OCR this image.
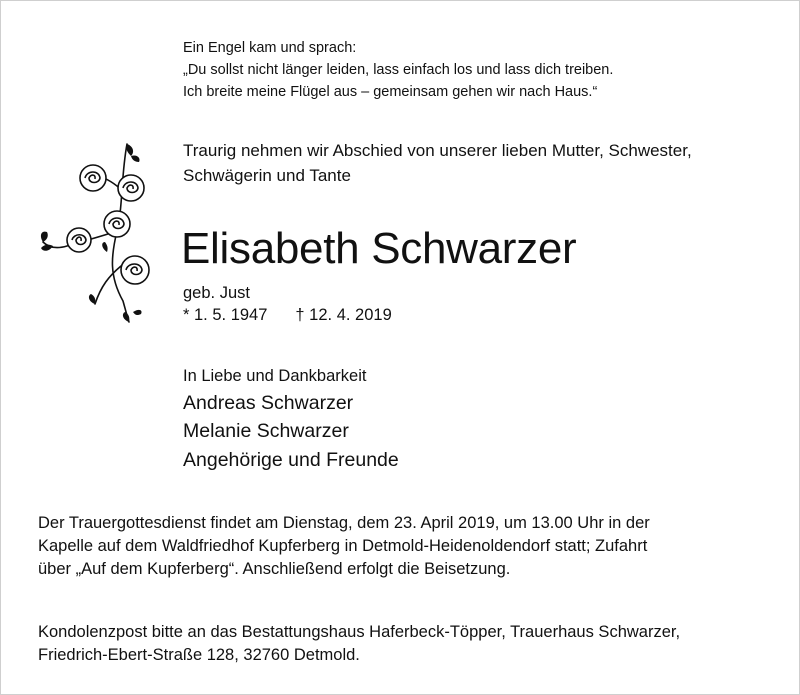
Ein Engel kam und sprach:
„Du sollst nicht länger leiden, lass einfach los und lass dich treiben.
Ich breite meine Flügel aus – gemeinsam gehen wir nach Haus.“
Traurig nehmen wir Abschied von unserer lieben Mutter, Schwester,
Schwägerin und Tante
Elisabeth Schwarzer
geb. Just
* 1. 5. 1947 † 12. 4. 2019
In Liebe und Dankbarkeit
Andreas Schwarzer
Melanie Schwarzer
Angehörige und Freunde
Der Trauergottesdienst findet am Dienstag, dem 23. April 2019, um 13.00 Uhr in der
Kapelle auf dem Waldfriedhof Kupferberg in Detmold-Heidenoldendorf statt; Zufahrt
über „Auf dem Kupferberg“. Anschließend erfolgt die Beisetzung.
Kondolenzpost bitte an das Bestattungshaus Haferbeck-Töpper, Trauerhaus Schwarzer,
Friedrich-Ebert-Straße 128, 32760 Detmold.
